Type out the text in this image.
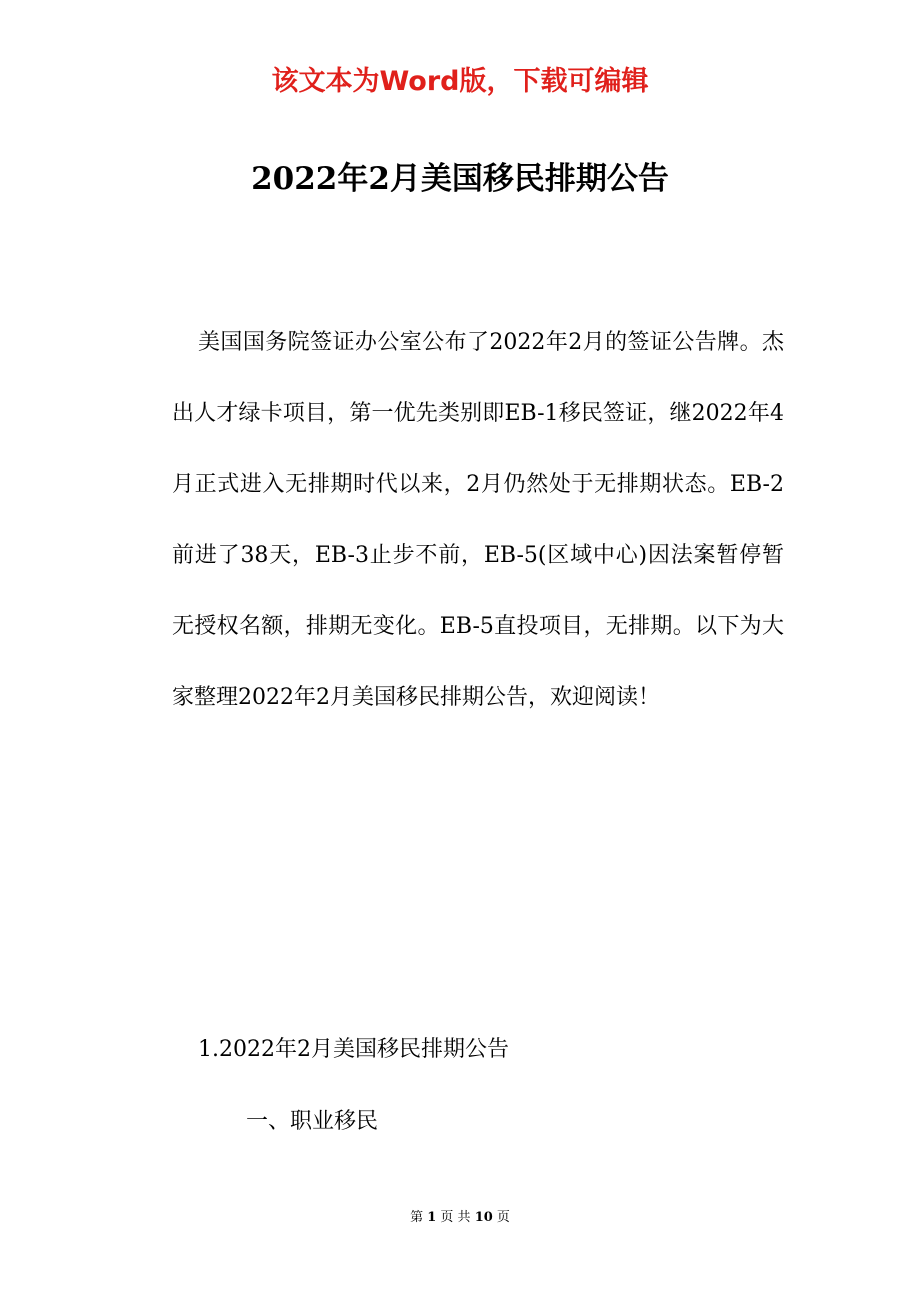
该文本为Word版，下载可编辑
2022年2月美国移民排期公告

美国国务院签证办公室公布了2022年2月的签证公告牌。杰出人才绿卡项目，第一优先类别即EB-1移民签证，继2022年4月正式进入无排期时代以来，2月仍然处于无排期状态。EB-2前进了38天，EB-3止步不前，EB-5(区域中心)因法案暂停暂无授权名额，排期无变化。EB-5直投项目，无排期。以下为大家整理2022年2月美国移民排期公告，欢迎阅读！

1.2022年2月美国移民排期公告
一、职业移民
第 1 页 共 10 页
